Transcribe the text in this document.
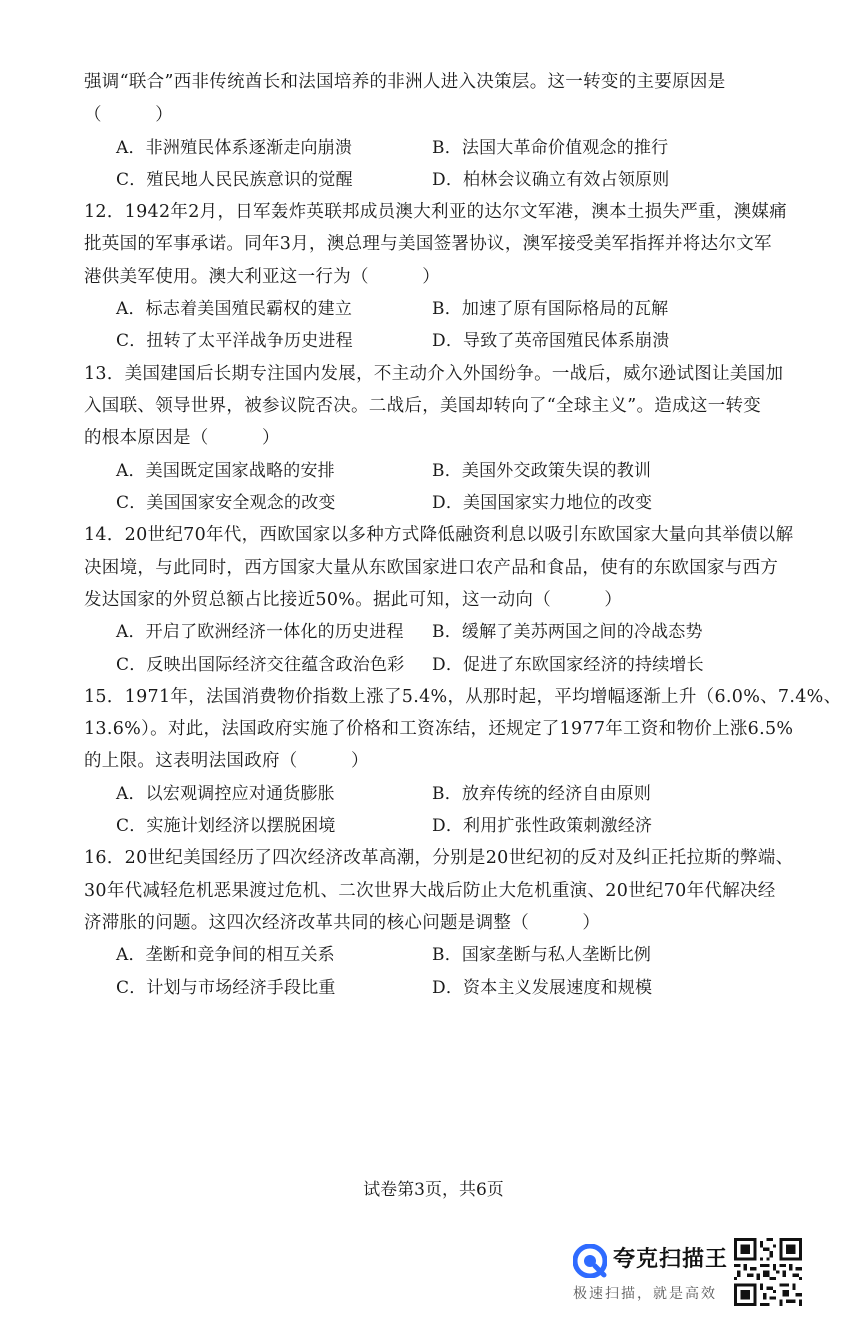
强调“联合”西非传统酋长和法国培养的非洲人进入决策层。这一转变的主要原因是
（　　　）
A．非洲殖民体系逐渐走向崩溃	B．法国大革命价值观念的推行
C．殖民地人民民族意识的觉醒	D．柏林会议确立有效占领原则
12．1942年2月，日军轰炸英联邦成员澳大利亚的达尔文军港，澳本土损失严重，澳媒痛
批英国的军事承诺。同年3月，澳总理与美国签署协议，澳军接受美军指挥并将达尔文军
港供美军使用。澳大利亚这一行为（　　　）
A．标志着美国殖民霸权的建立	B．加速了原有国际格局的瓦解
C．扭转了太平洋战争历史进程	D．导致了英帝国殖民体系崩溃
13．美国建国后长期专注国内发展，不主动介入外国纷争。一战后，威尔逊试图让美国加
入国联、领导世界，被参议院否决。二战后，美国却转向了“全球主义”。造成这一转变
的根本原因是（　　　）
A．美国既定国家战略的安排	B．美国外交政策失误的教训
C．美国国家安全观念的改变	D．美国国家实力地位的改变
14．20世纪70年代，西欧国家以多种方式降低融资利息以吸引东欧国家大量向其举债以解
决困境，与此同时，西方国家大量从东欧国家进口农产品和食品，使有的东欧国家与西方
发达国家的外贸总额占比接近50%。据此可知，这一动向（　　　）
A．开启了欧洲经济一体化的历史进程 B．缓解了美苏两国之间的冷战态势
C．反映出国际经济交往蕴含政治色彩 D．促进了东欧国家经济的持续增长
15．1971年，法国消费物价指数上涨了5.4%，从那时起，平均增幅逐渐上升（6.0%、7.4%、
13.6%）。对此，法国政府实施了价格和工资冻结，还规定了1977年工资和物价上涨6.5%
的上限。这表明法国政府（　　　）
A．以宏观调控应对通货膨胀	B．放弃传统的经济自由原则
C．实施计划经济以摆脱困境	D．利用扩张性政策刺激经济
16．20世纪美国经历了四次经济改革高潮，分别是20世纪初的反对及纠正托拉斯的弊端、
30年代减轻危机恶果渡过危机、二次世界大战后防止大危机重演、20世纪70年代解决经
济滞胀的问题。这四次经济改革共同的核心问题是调整（　　　）
A．垄断和竞争间的相互关系	B．国家垄断与私人垄断比例
C．计划与市场经济手段比重	D．资本主义发展速度和规模
试卷第3页，共6页
夸克扫描王
极速扫描，就是高效
